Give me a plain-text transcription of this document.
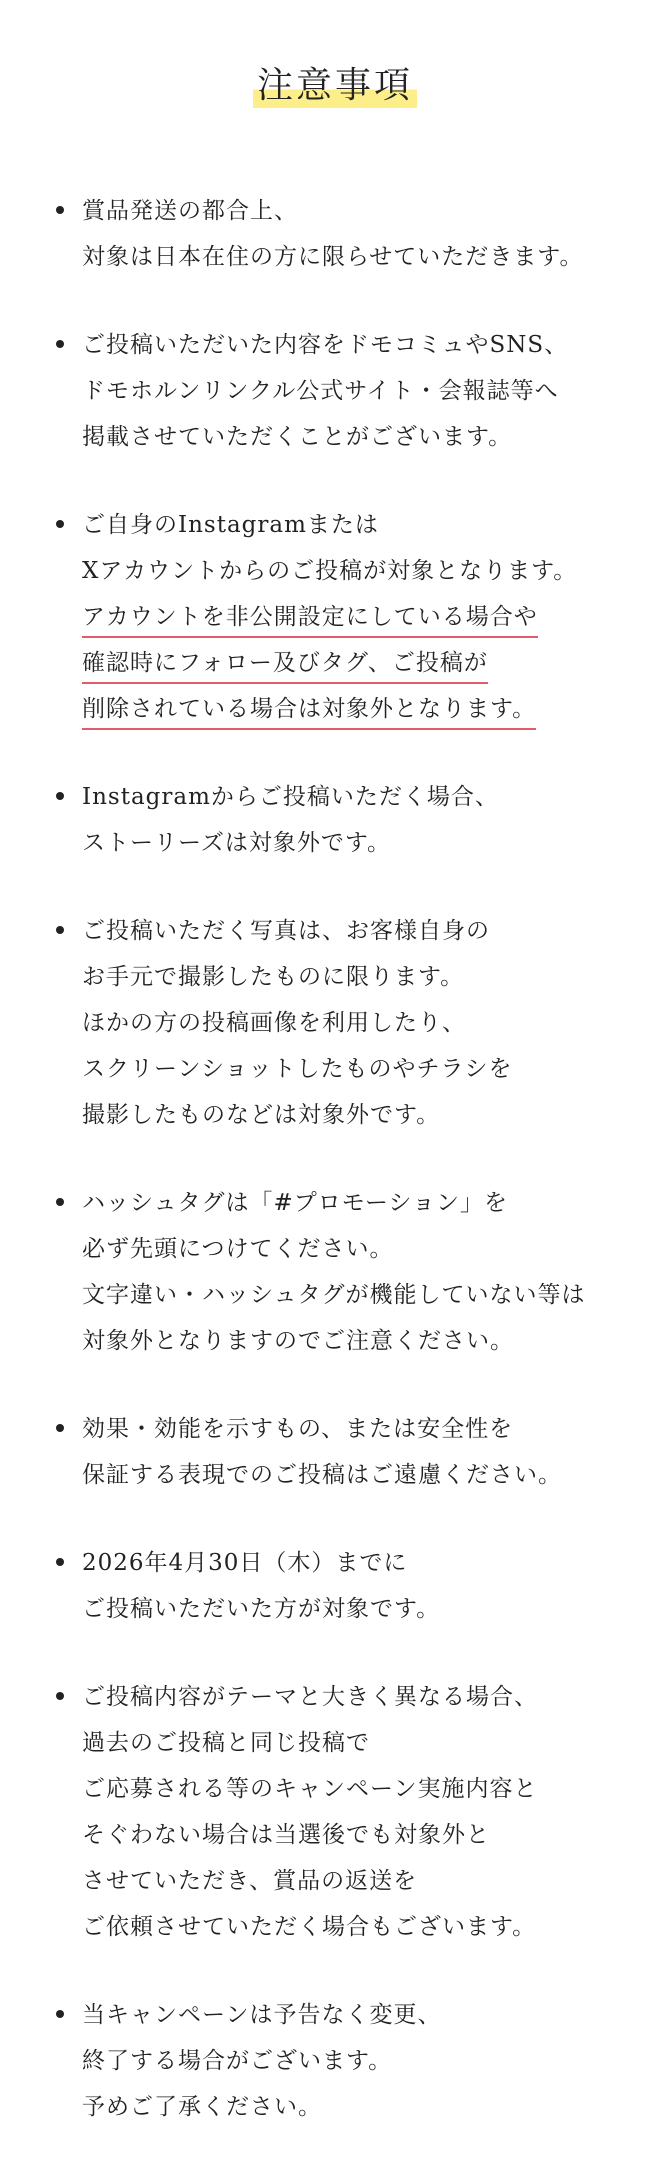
注意事項
賞品発送の都合上、
対象は日本在住の方に限らせていただきます。
ご投稿いただいた内容をドモコミュやSNS、
ドモホルンリンクル公式サイト・会報誌等へ
掲載させていただくことがございます。
ご自身のInstagramまたは
Xアカウントからのご投稿が対象となります。
アカウントを非公開設定にしている場合や
確認時にフォロー及びタグ、ご投稿が
削除されている場合は対象外となります。
Instagramからご投稿いただく場合、
ストーリーズは対象外です。
ご投稿いただく写真は、お客様自身の
お手元で撮影したものに限ります。
ほかの方の投稿画像を利用したり、
スクリーンショットしたものやチラシを
撮影したものなどは対象外です。
ハッシュタグは「#プロモーション」を
必ず先頭につけてください。
文字違い・ハッシュタグが機能していない等は
対象外となりますのでご注意ください。
効果・効能を示すもの、または安全性を
保証する表現でのご投稿はご遠慮ください。
2026年4月30日（木）までに
ご投稿いただいた方が対象です。
ご投稿内容がテーマと大きく異なる場合、
過去のご投稿と同じ投稿で
ご応募される等のキャンペーン実施内容と
そぐわない場合は当選後でも対象外と
させていただき、賞品の返送を
ご依頼させていただく場合もございます。
当キャンペーンは予告なく変更、
終了する場合がございます。
予めご了承ください。
